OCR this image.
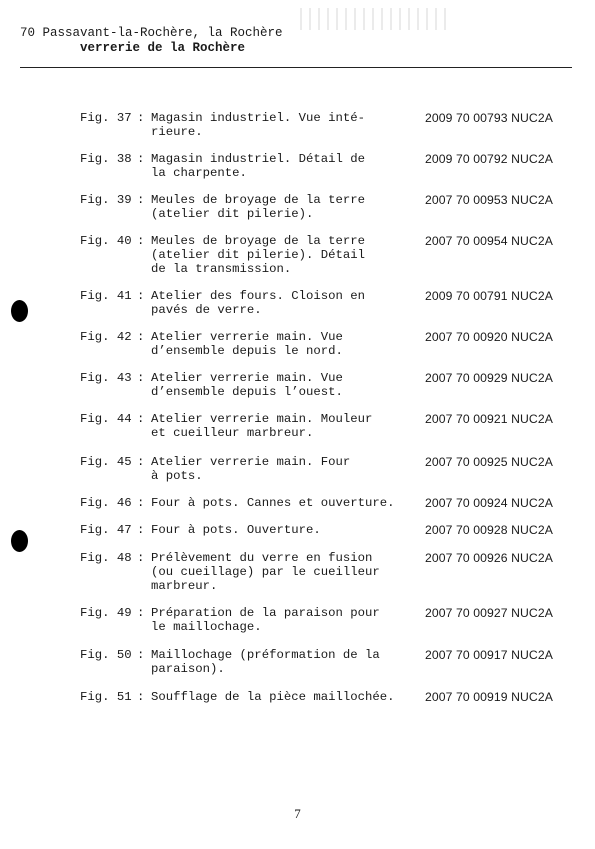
70 Passavant-la-Rochère, la Rochère
verrerie de la Rochère
Fig. 37 : Magasin industriel. Vue inté-
rieure.
2009 70 00793 NUC2A
Fig. 38 : Magasin industriel. Détail de
la charpente.
2009 70 00792 NUC2A
Fig. 39 : Meules de broyage de la terre
(atelier dit pilerie).
2007 70 00953 NUC2A
Fig. 40 : Meules de broyage de la terre
(atelier dit pilerie). Détail
de la transmission.
2007 70 00954 NUC2A
Fig. 41 : Atelier des fours. Cloison en
pavés de verre.
2009 70 00791 NUC2A
Fig. 42 : Atelier verrerie main. Vue
d’ensemble depuis le nord.
2007 70 00920 NUC2A
Fig. 43 : Atelier verrerie main. Vue
d’ensemble depuis l’ouest.
2007 70 00929 NUC2A
Fig. 44 : Atelier verrerie main. Mouleur
et cueilleur marbreur.
2007 70 00921 NUC2A
Fig. 45 : Atelier verrerie main. Four
à pots.
2007 70 00925 NUC2A
Fig. 46 : Four à pots. Cannes et ouverture.	2007 70 00924 NUC2A
Fig. 47 : Four à pots. Ouverture.	2007 70 00928 NUC2A
Fig. 48 : Prélèvement du verre en fusion
(ou cueillage) par le cueilleur
marbreur.
2007 70 00926 NUC2A
Fig. 49 : Préparation de la paraison pour
le maillochage.
2007 70 00927 NUC2A
Fig. 50 : Maillochage (préformation de la
paraison).
2007 70 00917 NUC2A
Fig. 51 : Soufflage de la pièce maillochée.	2007 70 00919 NUC2A
7
